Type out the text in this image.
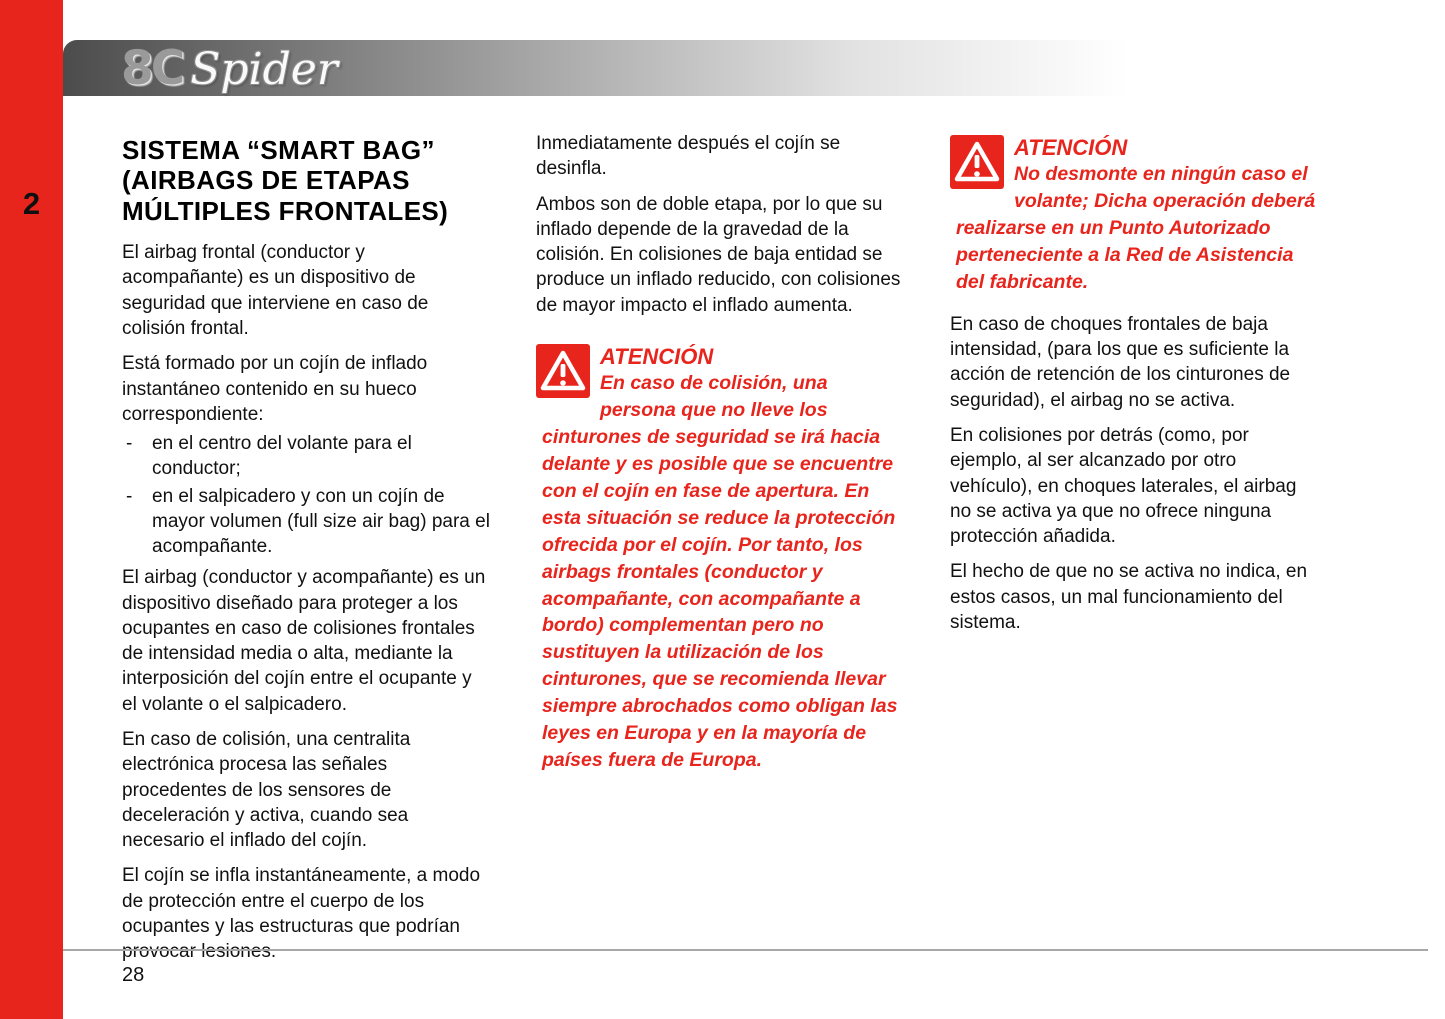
2
8C Spider
SISTEMA “SMART BAG” (AIRBAGS DE ETAPAS MÚLTIPLES FRONTALES)

El airbag frontal (conductor y acompañante) es un dispositivo de seguridad que interviene en caso de colisión frontal.

Está formado por un cojín de inflado instantáneo contenido en su hueco correspondiente:

-	en el centro del volante para el conductor;
-	en el salpicadero y con un cojín de mayor volumen (full size air bag) para el acompañante.

El airbag (conductor y acompañante) es un dispositivo diseñado para proteger a los ocupantes en caso de colisiones frontales de intensidad media o alta, mediante la interposición del cojín entre el ocupante y el volante o el salpicadero.

En caso de colisión, una centralita electrónica procesa las señales procedentes de los sensores de deceleración y activa, cuando sea necesario el inflado del cojín.

El cojín se infla instantáneamente, a modo de protección entre el cuerpo de los ocupantes y las estructuras que podrían provocar lesiones.

Inmediatamente después el cojín se desinfla.

Ambos son de doble etapa, por lo que su inflado depende de la gravedad de la colisión. En colisiones de baja entidad se produce un inflado reducido, con colisiones de mayor impacto el inflado aumenta.

ATENCIÓN
En caso de colisión, una persona que no lleve los cinturones de seguridad se irá hacia delante y es posible que se encuentre con el cojín en fase de apertura. En esta situación se reduce la protección ofrecida por el cojín. Por tanto, los airbags frontales (conductor y acompañante, con acompañante a bordo) complementan pero no sustituyen la utilización de los cinturones, que se recomienda llevar siempre abrochados como obligan las leyes en Europa y en la mayoría de países fuera de Europa.
ATENCIÓN
No desmonte en ningún caso el volante; Dicha operación deberá realizarse en un Punto Autorizado perteneciente a la Red de Asistencia del fabricante.

En caso de choques frontales de baja intensidad, (para los que es suficiente la acción de retención de los cinturones de seguridad), el airbag no se activa.

En colisiones por detrás (como, por ejemplo, al ser alcanzado por otro vehículo), en choques laterales, el airbag no se activa ya que no ofrece ninguna protección añadida.

El hecho de que no se activa no indica, en estos casos, un mal funcionamiento del sistema.

28
